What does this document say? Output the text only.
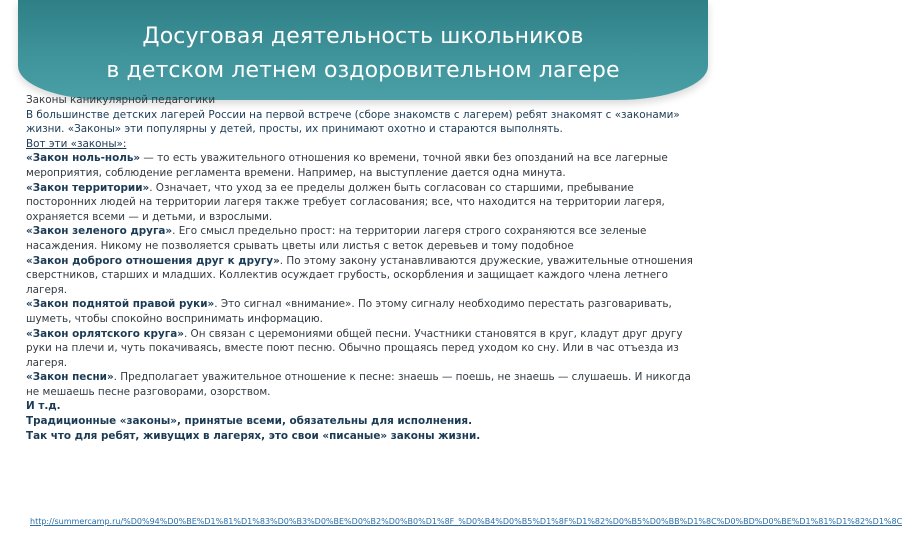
Досуговая деятельность школьников
в детском летнем оздоровительном лагере

Законы каникулярной педагогики

В большинстве детских лагерей России на первой встрече (сборе знакомств с лагерем) ребят знакомят с «законами» жизни. «Законы» эти популярны у детей, просты, их принимают охотно и стараются выполнять.

Вот эти «законы»:

«Закон ноль-ноль» — то есть уважительного отношения ко времени, точной явки без опозданий на все лагерные мероприятия, соблюдение регламента времени. Например, на выступление дается одна минута.

«Закон территории». Означает, что уход за ее пределы должен быть согласован со старшими, пребывание посторонних людей на территории лагеря также требует согласования; все, что находится на территории лагеря, охраняется всеми — и детьми, и взрослыми.

«Закон зеленого друга». Его смысл предельно прост: на территории лагеря строго сохраняются все зеленые насаждения. Никому не позволяется срывать цветы или листья с веток деревьев и тому подобное

«Закон доброго отношения друг к другу». По этому закону устанавливаются дружеские, уважительные отношения сверстников, старших и младших. Коллектив осуждает грубость, оскорбления и защищает каждого члена летнего лагеря.

«Закон поднятой правой руки». Это сигнал «внимание». По этому сигналу необходимо перестать разговаривать, шуметь, чтобы спокойно воспринимать информацию.

«Закон орлятского круга». Он связан с церемониями общей песни. Участники становятся в круг, кладут друг другу руки на плечи и, чуть покачиваясь, вместе поют песню. Обычно прощаясь перед уходом ко сну. Или в час отъезда из лагеря.

«Закон песни». Предполагает уважительное отношение к песне: знаешь — поешь, не знаешь — слушаешь. И никогда не мешаешь песне разговорами, озорством.

И т.д.

Традиционные «законы», принятые всеми, обязательны для исполнения.

Так что для ребят, живущих в лагерях, это свои «писаные» законы жизни.

http://summercamp.ru/%D0%94%D0%BE%D1%81%D1%83%D0%B3%D0%BE%D0%B2%D0%B0%D1%8F_%D0%B4%D0%B5%D1%8F%D1%82%D0%B5%D0%BB%D1%8C%D0%BD%D0%BE%D1%81%D1%82%D1%8C
